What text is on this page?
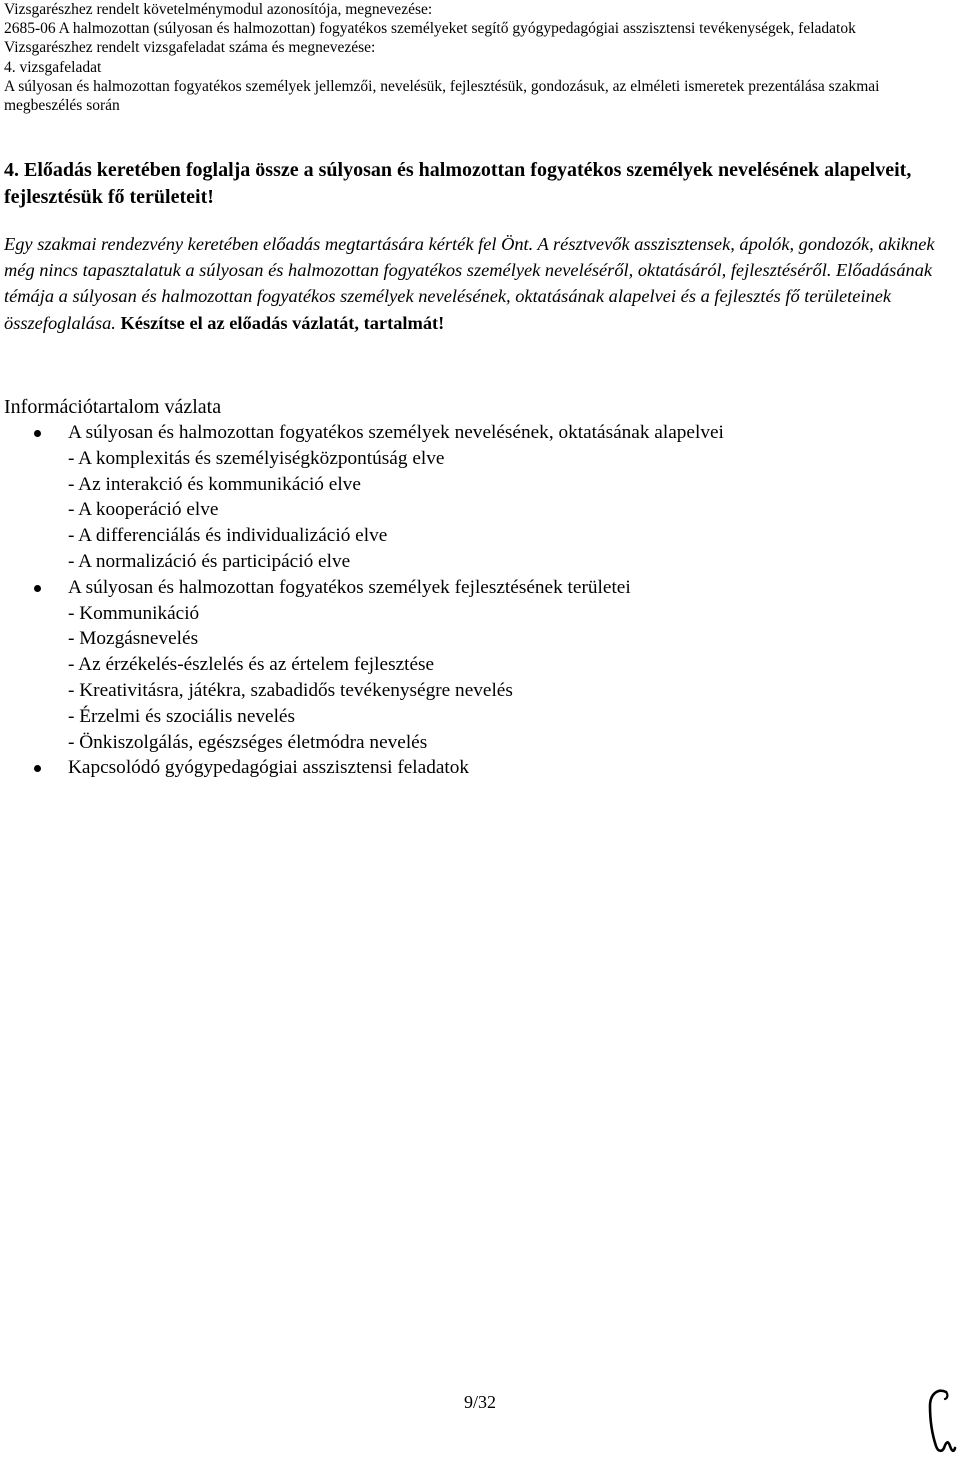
Vizsgarészhez rendelt követelménymodul azonosítója, megnevezése:
2685-06 A halmozottan (súlyosan és halmozottan) fogyatékos személyeket segítő gyógypedagógiai asszisztensi tevékenységek, feladatok
Vizsgarészhez rendelt vizsgafeladat száma és megnevezése:
4. vizsgafeladat
A súlyosan és halmozottan fogyatékos személyek jellemzői, nevelésük, fejlesztésük, gondozásuk, az elméleti ismeretek prezentálása szakmai megbeszélés során
4. Előadás keretében foglalja össze a súlyosan és halmozottan fogyatékos személyek nevelésének alapelveit, fejlesztésük fő területeit!
Egy szakmai rendezvény keretében előadás megtartására kérték fel Önt. A résztvevők asszisztensek, ápolók, gondozók, akiknek még nincs tapasztalatuk a súlyosan és halmozottan fogyatékos személyek neveléséről, oktatásáról, fejlesztéséről. Előadásának témája a súlyosan és halmozottan fogyatékos személyek nevelésének, oktatásának alapelvei és a fejlesztés fő területeinek összefoglalása. Készítse el az előadás vázlatát, tartalmát!
Információtartalom vázlata
A súlyosan és halmozottan fogyatékos személyek nevelésének, oktatásának alapelvei
- A komplexitás és személyiségközpontúság elve
- Az interakció és kommunikáció elve
- A kooperáció elve
- A differenciálás és individualizáció elve
- A normalizáció és participáció elve
A súlyosan és halmozottan fogyatékos személyek fejlesztésének területei
- Kommunikáció
- Mozgásnevelés
- Az érzékelés-észlelés és az értelem fejlesztése
- Kreativitásra, játékra, szabadidős tevékenységre nevelés
- Érzelmi és szociális nevelés
- Önkiszolgálás, egészséges életmódra nevelés
Kapcsolódó gyógypedagógiai asszisztensi feladatok
9/32
